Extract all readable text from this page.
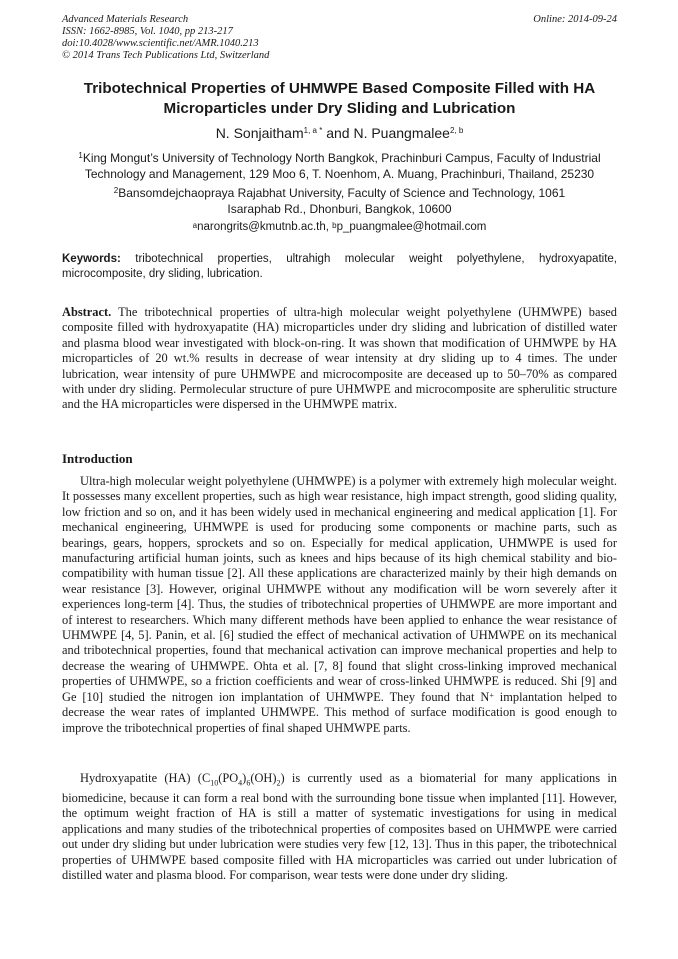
Advanced Materials Research
ISSN: 1662-8985, Vol. 1040, pp 213-217
doi:10.4028/www.scientific.net/AMR.1040.213
© 2014 Trans Tech Publications Ltd, Switzerland
Online: 2014-09-24
Tribotechnical Properties of UHMWPE Based Composite Filled with HA
Microparticles under Dry Sliding and Lubrication
N. Sonjaitham$^{1, a *}$ and N. Puangmalee$^{2, b}$
$^1$King Mongut’s University of Technology North Bangkok, Prachinburi Campus, Faculty of Industrial
Technology and Management, 129 Moo 6, T. Noenhom, A. Muang, Prachinburi, Thailand, 25230
$^2$Bansomdejchaopraya Rajabhat University, Faculty of Science and Technology, 1061
Isaraphab Rd., Dhonburi, Bangkok, 10600
$^a$narongrits@kmutnb.ac.th, $^b$p_puangmalee@hotmail.com
Keywords: tribotechnical properties, ultrahigh molecular weight polyethylene, hydroxyapatite, microcomposite, dry sliding, lubrication.

Abstract. The tribotechnical properties of ultra-high molecular weight polyethylene (UHMWPE) based composite filled with hydroxyapatite (HA) microparticles under dry sliding and lubrication of distilled water and plasma blood wear investigated with block-on-ring. It was shown that modification of UHMWPE by HA microparticles of 20 wt.% results in decrease of wear intensity at dry sliding up to 4 times. The under lubrication, wear intensity of pure UHMWPE and microcomposite are deceased up to 50–70% as compared with under dry sliding. Permolecular structure of pure UHMWPE and microcomposite are spherulitic structure and the HA microparticles were dispersed in the UHMWPE matrix.

Introduction

Ultra-high molecular weight polyethylene (UHMWPE) is a polymer with extremely high molecular weight. It possesses many excellent properties, such as high wear resistance, high impact strength, good sliding quality, low friction and so on, and it has been widely used in mechanical engineering and medical application [1]. For mechanical engineering, UHMWPE is used for producing some components or machine parts, such as bearings, gears, hoppers, sprockets and so on. Especially for medical application, UHMWPE is used for manufacturing artificial human joints, such as knees and hips because of its high chemical stability and bio-compatibility with human tissue [2]. All these applications are characterized mainly by their high demands on wear resistance [3]. However, original UHMWPE without any modification will be worn severely after it experiences long-term [4]. Thus, the studies of tribotechnical properties of UHMWPE are more important and of interest to researchers. Which many different methods have been applied to enhance the wear resistance of UHMWPE [4, 5]. Panin, et al. [6] studied the effect of mechanical activation of UHMWPE on its mechanical and tribotechnical properties, found that mechanical activation can improve mechanical properties and help to decrease the wearing of UHMWPE. Ohta et al. [7, 8] found that slight cross-linking improved mechanical properties of UHMWPE, so a friction coefficients and wear of cross-linked UHMWPE is reduced. Shi [9] and Ge [10] studied the nitrogen ion implantation of UHMWPE. They found that N+ implantation helped to decrease the wear rates of implanted UHMWPE. This method of surface modification is good enough to improve the tribotechnical properties of final shaped UHMWPE parts.

Hydroxyapatite (HA) $(C_{10}(PO_4)_6(OH)_2)$ is currently used as a biomaterial for many applications in biomedicine, because it can form a real bond with the surrounding bone tissue when implanted [11]. However, the optimum weight fraction of HA is still a matter of systematic investigations for using in medical applications and many studies of the tribotechnical properties of composites based on UHMWPE were carried out under dry sliding but under lubrication were studies very few [12, 13]. Thus in this paper, the tribotechnical properties of UHMWPE based composite filled with HA microparticles was carried out under lubrication of distilled water and plasma blood. For comparison, wear tests were done under dry sliding.
